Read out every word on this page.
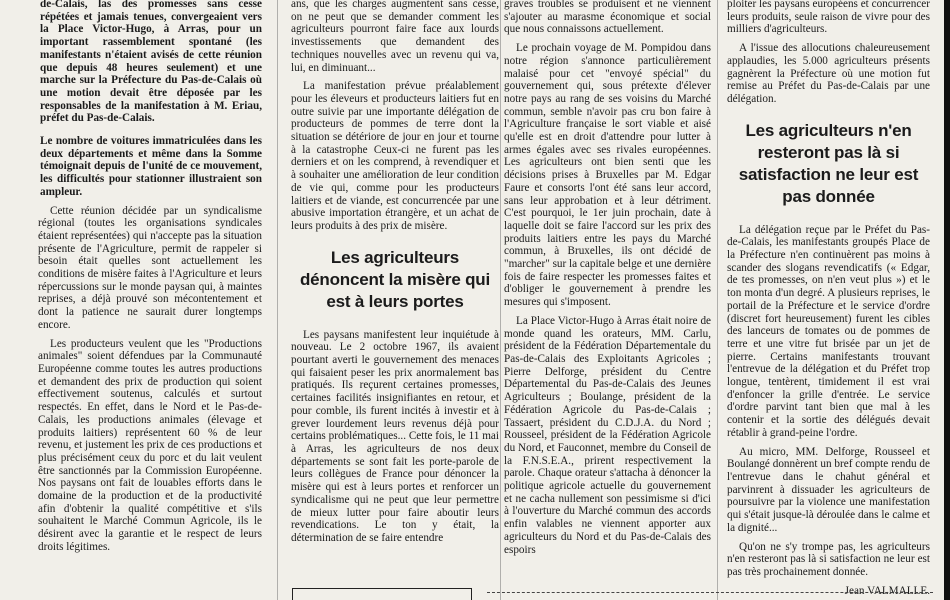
de-Calais, las des promesses sans cesse répétées et jamais tenues, convergeaient vers la Place Victor-Hugo, à Arras, pour un important rassemblement spontané (les manifestants n'étaient avisés de cette réunion que depuis 48 heures seulement) et une marche sur la Préfecture du Pas-de-Calais où une motion devait être déposée par les responsables de la manifestation à M. Eriau, préfet du Pas-de-Calais.

Le nombre de voitures immatriculées dans les deux départements et même dans la Somme témoignait depuis de l'unité de ce mouvement, les difficultés pour stationner illustraient son ampleur.

Cette réunion décidée par un syndicalisme régional (toutes les organisations syndicales étaient représentées) qui n'accepte pas la situation présente de l'Agriculture, permit de rappeler si besoin était quelles sont actuellement les conditions de misère faites à l'Agriculture et leurs répercussions sur le monde paysan qui, à maintes reprises, a déjà prouvé son mécontentement et dont la patience ne saurait durer longtemps encore.

Les producteurs veulent que les "Productions animales" soient défendues par la Communauté Européenne comme toutes les autres productions et demandent des prix de production qui soient effectivement soutenus, calculés et surtout respectés. En effet, dans le Nord et le Pas-de-Calais, les productions animales (élevage et produits laitiers) représentent 60 % de leur revenu, et justement les prix de ces productions et plus précisément ceux du porc et du lait veulent être sanctionnés par la Commission Européenne. Nos paysans ont fait de louables efforts dans le domaine de la production et de la productivité afin d'obtenir la qualité compétitive et s'ils souhaitent le Marché Commun Agricole, ils le désirent avec la garantie et le respect de leurs droits légitimes.

ans, que les charges augmentent sans cesse, on ne peut que se demander comment les agriculteurs pourront faire face aux lourds investissements que demandent des techniques nouvelles avec un revenu qui va, lui, en diminuant...

La manifestation prévue préalablement pour les éleveurs et producteurs laitiers fut en outre suivie par une importante délégation de producteurs de pommes de terre dont la situation se détériore de jour en jour et tourne à la catastrophe Ceux-ci ne furent pas les derniers et on les comprend, à revendiquer et à souhaiter une amélioration de leur condition de vie qui, comme pour les producteurs laitiers et de viande, est concurrencée par une abusive importation étrangère, et un achat de leurs produits à des prix de misère.

Les agriculteurs dénoncent la misère qui est à leurs portes

Les paysans manifestent leur inquiétude à nouveau. Le 2 octobre 1967, ils avaient pourtant averti le gouvernement des menaces qui faisaient peser les prix anormalement bas pratiqués. Ils reçurent certaines promesses, certaines facilités insignifiantes en retour, et pour comble, ils furent incités à investir et à grever lourdement leurs revenus déjà pour certains problématiques... Cette fois, le 11 mai à Arras, les agriculteurs de nos deux départements se sont fait les porte-parole de leurs collègues de France pour dénoncer la misère qui est à leurs portes et renforcer un syndicalisme qui ne peut que leur permettre de mieux lutter pour faire aboutir leurs revendications. Le ton y était, la détermination de se faire entendre

graves troubles se produisent et ne viennent s'ajouter au marasme économique et social que nous connaissons actuellement.

Le prochain voyage de M. Pompidou dans notre région s'annonce particulièrement malaisé pour cet "envoyé spécial" du gouvernement qui, sous prétexte d'élever notre pays au rang de ses voisins du Marché commun, semble n'avoir pas cru bon faire à l'Agriculture française le sort viable et aisé qu'elle est en droit d'attendre pour lutter à armes égales avec ses rivales européennes. Les agriculteurs ont bien senti que les décisions prises à Bruxelles par M. Edgar Faure et consorts l'ont été sans leur accord, sans leur approbation et à leur détriment. C'est pourquoi, le 1er juin prochain, date à laquelle doit se faire l'accord sur les prix des produits laitiers entre les pays du Marché commun, à Bruxelles, ils ont décidé de "marcher" sur la capitale belge et une dernière fois de faire respecter les promesses faites et d'obliger le gouvernement à prendre les mesures qui s'imposent.

La Place Victor-Hugo à Arras était noire de monde quand les orateurs, MM. Carlu, président de la Fédération Départementale du Pas-de-Calais des Exploitants Agricoles ; Pierre Delforge, président du Centre Départemental du Pas-de-Calais des Jeunes Agriculteurs ; Boulange, président de la Fédération Agricole du Pas-de-Calais ; Tassaert, président du C.D.J.A. du Nord ; Rousseel, président de la Fédération Agricole du Nord, et Fauconnet, membre du Conseil de la F.N.S.E.A., prirent respectivement la parole. Chaque orateur s'attacha à dénoncer la politique agricole actuelle du gouvernement et ne cacha nullement son pessimisme si d'ici à l'ouverture du Marché commun des accords enfin valables ne viennent apporter aux agriculteurs du Nord et du Pas-de-Calais des espoirs

ploiter les paysans européens et concurrencer leurs produits, seule raison de vivre pour des milliers d'agriculteurs.

A l'issue des allocutions chaleureusement applaudies, les 5.000 agriculteurs présents gagnèrent la Préfecture où une motion fut remise au Préfet du Pas-de-Calais par une délégation.

Les agriculteurs n'en resteront pas là si satisfaction ne leur est pas donnée

La délégation reçue par le Préfet du Pas-de-Calais, les manifestants groupés Place de la Préfecture n'en continuèrent pas moins à scander des slogans revendicatifs (« Edgar, de tes promesses, on n'en veut plus ») et le ton monta d'un degré. A plusieurs reprises, le portail de la Préfecture et le service d'ordre (discret fort heureusement) furent les cibles des lanceurs de tomates ou de pommes de terre et une vitre fut brisée par un jet de pierre. Certains manifestants trouvant l'entrevue de la délégation et du Préfet trop longue, tentèrent, timidement il est vrai d'enfoncer la grille d'entrée. Le service d'ordre parvint tant bien que mal à les contenir et la sortie des délégués devait rétablir à grand-peine l'ordre.

Au micro, MM. Delforge, Rousseel et Boulangé donnèrent un bref compte rendu de l'entrevue dans le chahut général et parvinrent à dissuader les agriculteurs de poursuivre par la violence une manifestation qui s'était jusque-là déroulée dans le calme et la dignité...

Qu'on ne s'y trompe pas, les agriculteurs n'en resteront pas là si satisfaction ne leur est pas très prochainement donnée.

Jean VALMALLE.
